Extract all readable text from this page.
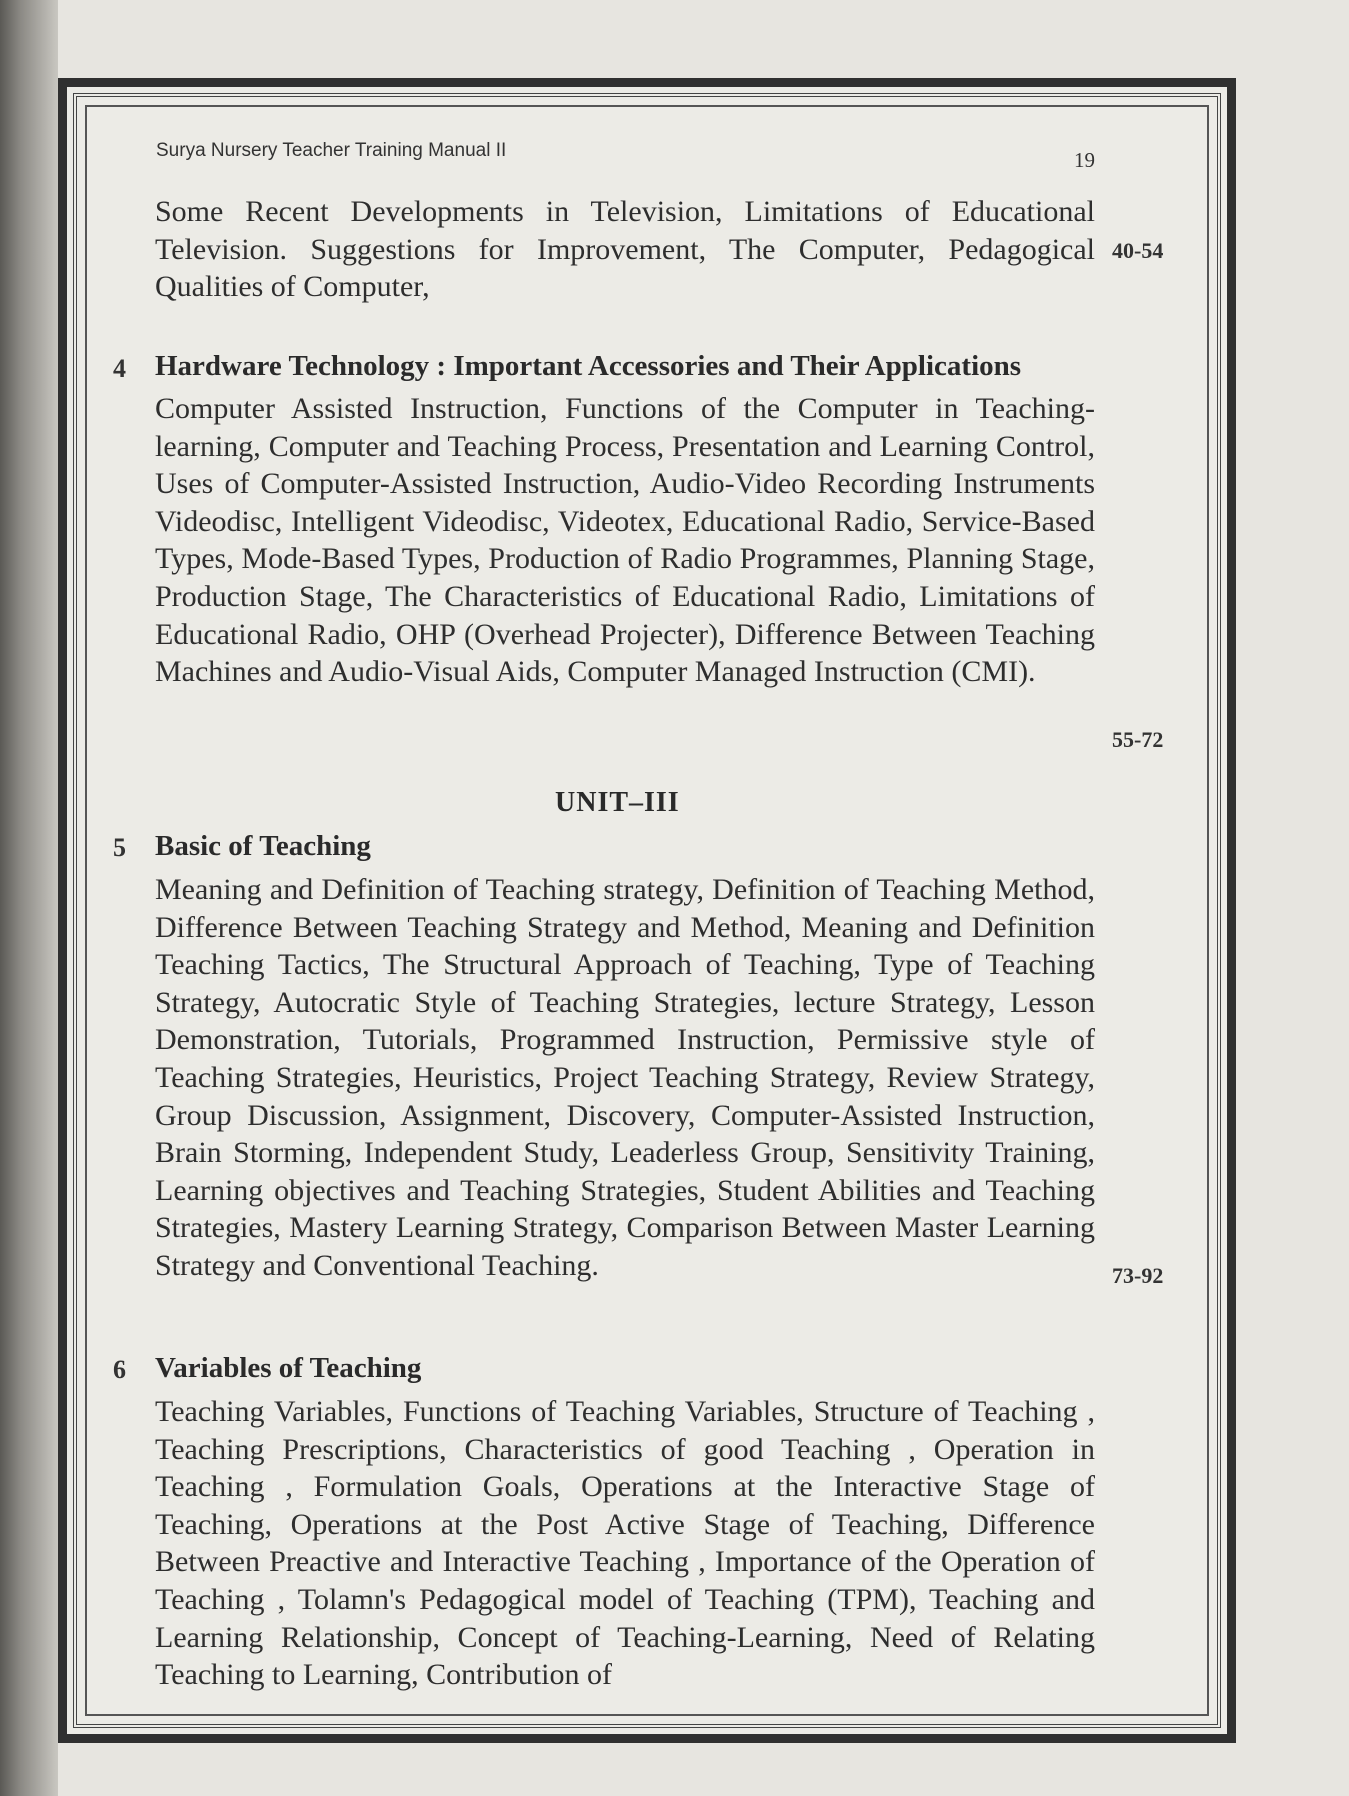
Surya Nursery Teacher Training Manual II	19

Some Recent Developments in Television, Limitations of Educational Television. Suggestions for Improvement, The Computer, Pedagogical Qualities of Computer,

40-54
4 Hardware Technology : Important Accessories and Their Applications

Computer Assisted Instruction, Functions of the Computer in Teaching-learning, Computer and Teaching Process, Presentation and Learning Control, Uses of Computer-Assisted Instruction, Audio-Video Recording Instruments Videodisc, Intelligent Videodisc, Videotex, Educational Radio, Service-Based Types, Mode-Based Types, Production of Radio Programmes, Planning Stage, Production Stage, The Characteristics of Educational Radio, Limitations of Educational Radio, OHP (Overhead Projecter), Difference Between Teaching Machines and Audio-Visual Aids, Computer Managed Instruction (CMI).

55-72
UNIT–III
5 Basic of Teaching

Meaning and Definition of Teaching strategy, Definition of Teaching Method, Difference Between Teaching Strategy and Method, Meaning and Definition Teaching Tactics, The Structural Approach of Teaching, Type of Teaching Strategy, Autocratic Style of Teaching Strategies, lecture Strategy, Lesson Demonstration, Tutorials, Programmed Instruction, Permissive style of Teaching Strategies, Heuristics, Project Teaching Strategy, Review Strategy, Group Discussion, Assignment, Discovery, Computer-Assisted Instruction, Brain Storming, Independent Study, Leaderless Group, Sensitivity Training, Learning objectives and Teaching Strategies, Student Abilities and Teaching Strategies, Mastery Learning Strategy, Comparison Between Master Learning Strategy and Conventional Teaching.	73-92
6 Variables of Teaching

Teaching Variables, Functions of Teaching Variables, Structure of Teaching , Teaching Prescriptions, Characteristics of good Teaching , Operation in Teaching , Formulation Goals, Operations at the Interactive Stage of Teaching, Operations at the Post Active Stage of Teaching, Difference Between Preactive and Interactive Teaching , Importance of the Operation of Teaching , Tolamn's Pedagogical model of Teaching (TPM), Teaching and Learning Relationship, Concept of Teaching-Learning, Need of Relating Teaching to Learning, Contribution of
